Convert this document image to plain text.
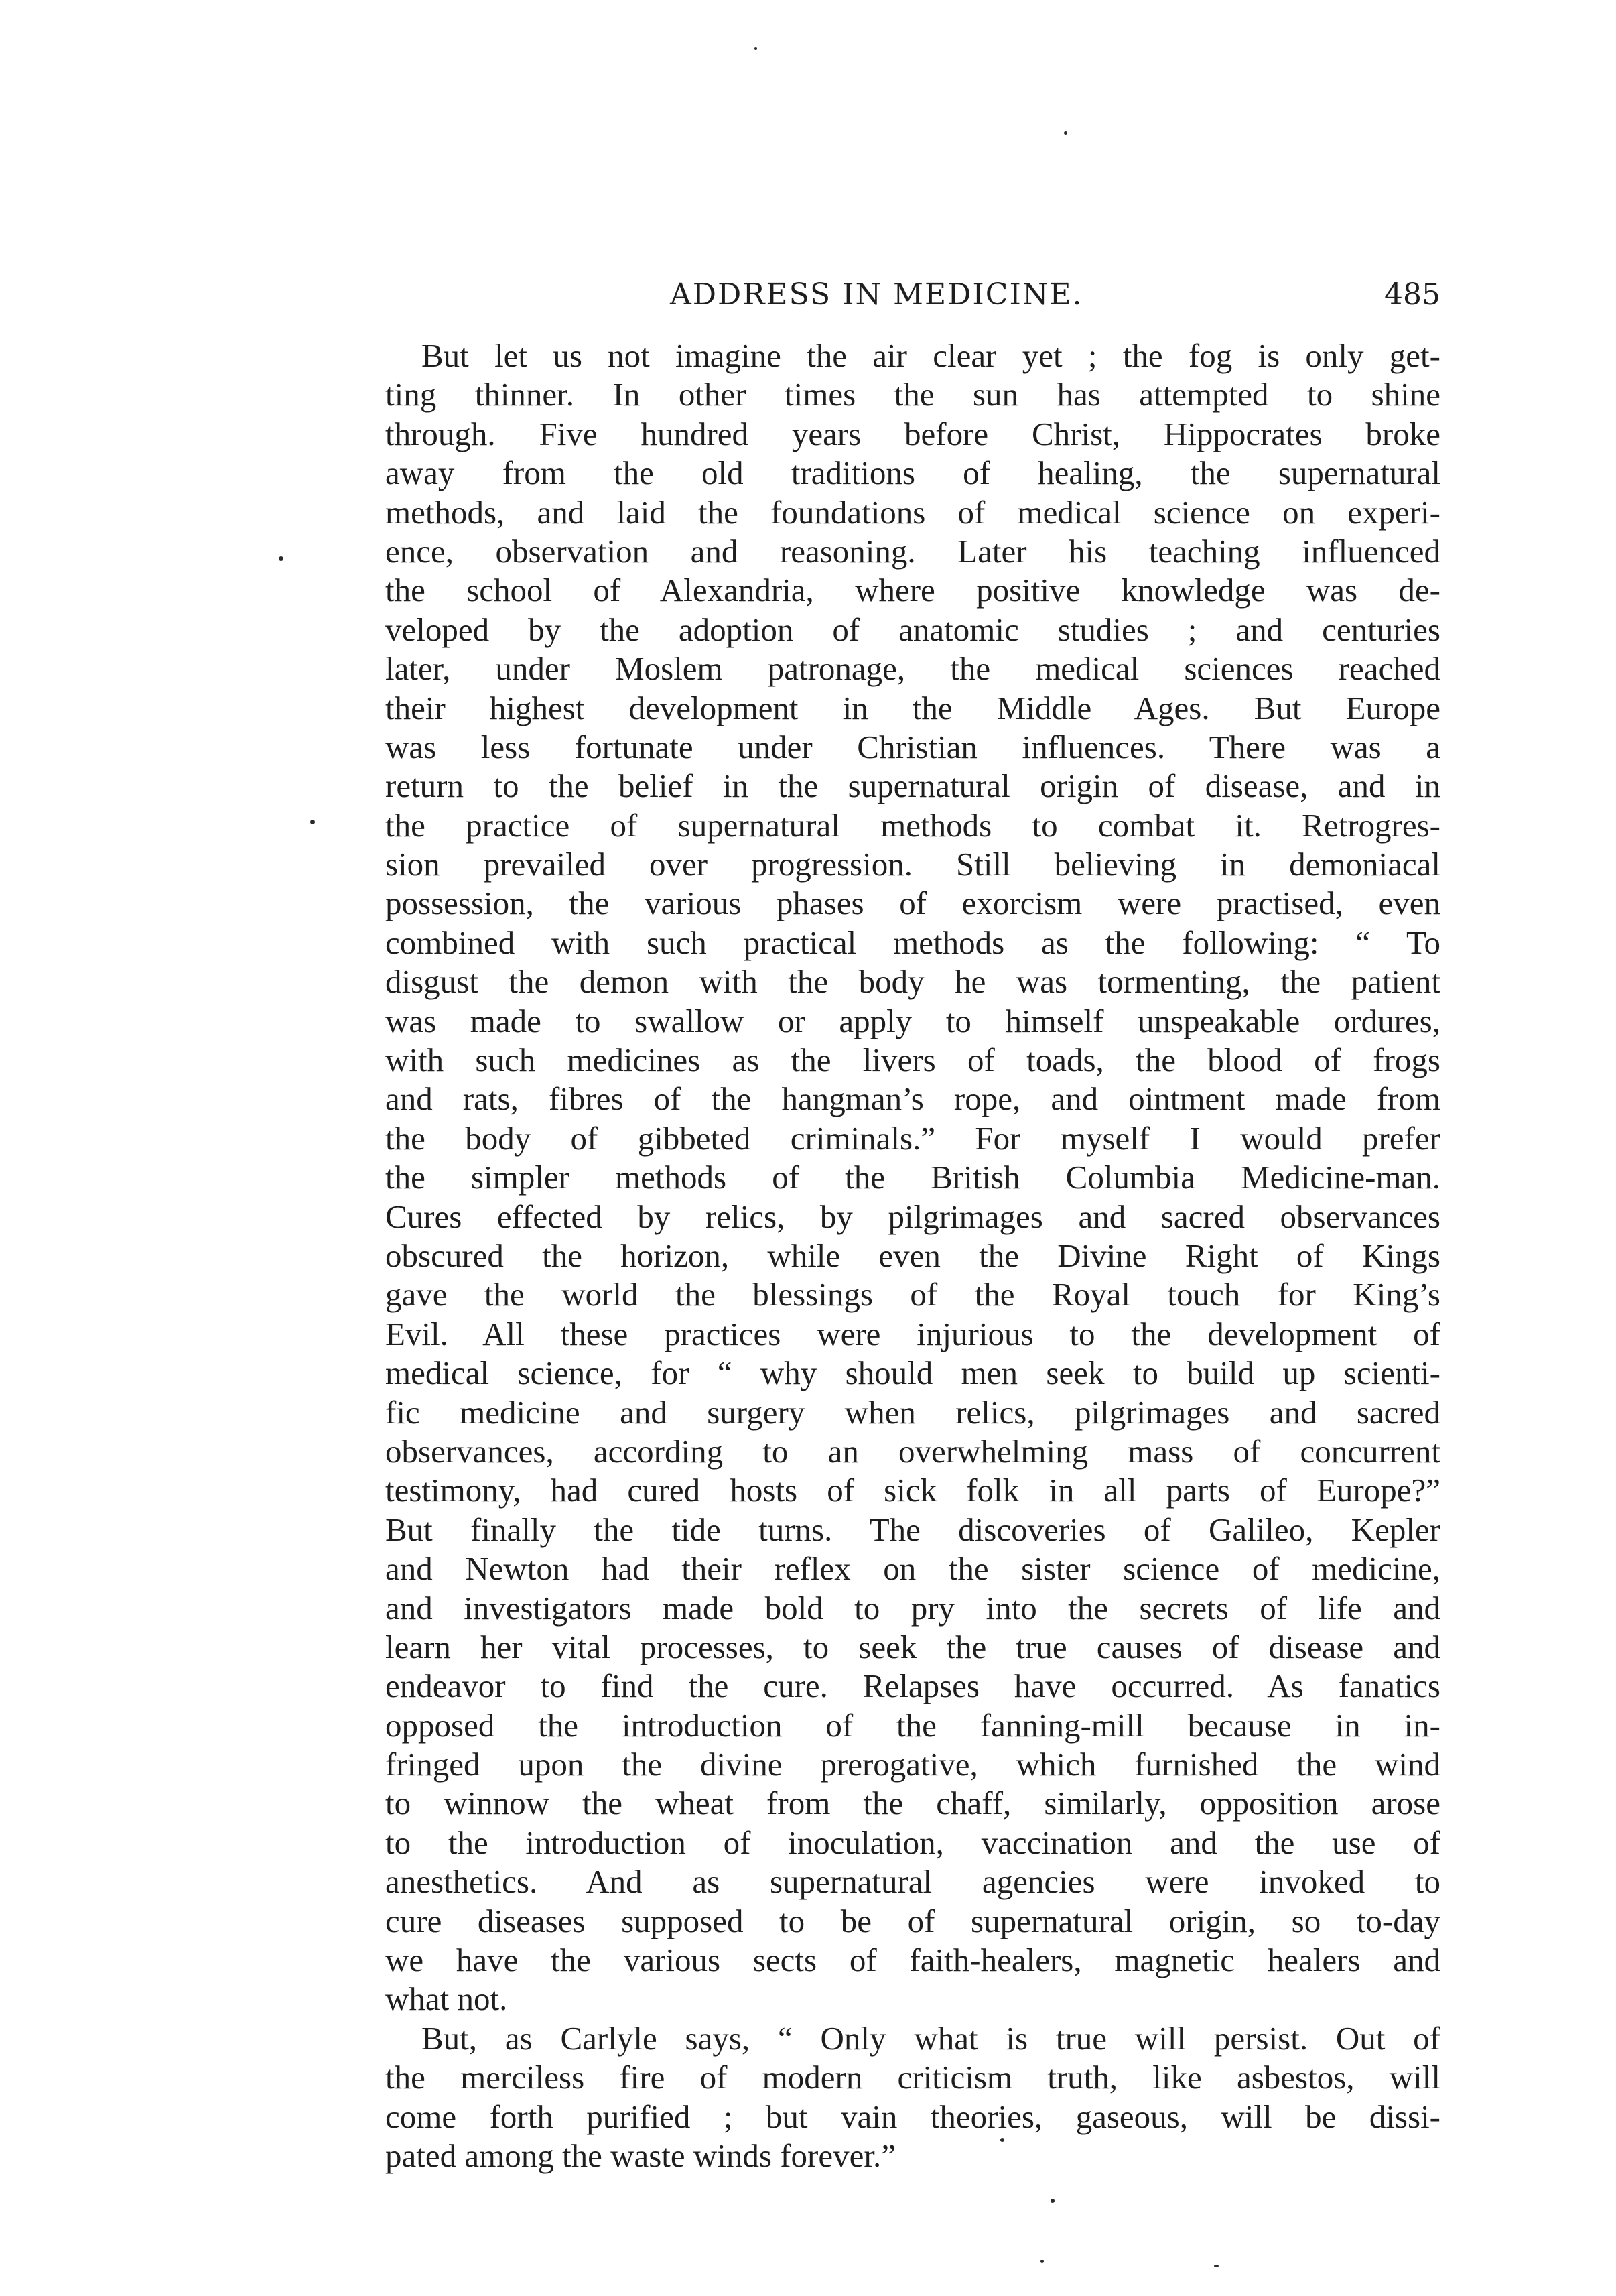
ADDRESS IN MEDICINE.	485
But let us not imagine the air clear yet ; the fog is only get-
ting thinner. In other times the sun has attempted to shine
through. Five hundred years before Christ, Hippocrates broke
away from the old traditions of healing, the supernatural
methods, and laid the foundations of medical science on experi-
ence, observation and reasoning. Later his teaching influenced
the school of Alexandria, where positive knowledge was de-
veloped by the adoption of anatomic studies ; and centuries
later, under Moslem patronage, the medical sciences reached
their highest development in the Middle Ages. But Europe
was less fortunate under Christian influences. There was a
return to the belief in the supernatural origin of disease, and in
the practice of supernatural methods to combat it. Retrogres-
sion prevailed over progression. Still believing in demoniacal
possession, the various phases of exorcism were practised, even
combined with such practical methods as the following: “ To
disgust the demon with the body he was tormenting, the patient
was made to swallow or apply to himself unspeakable ordures,
with such medicines as the livers of toads, the blood of frogs
and rats, fibres of the hangman’s rope, and ointment made from
the body of gibbeted criminals.” For myself I would prefer
the simpler methods of the British Columbia Medicine-man.
Cures effected by relics, by pilgrimages and sacred observances
obscured the horizon, while even the Divine Right of Kings
gave the world the blessings of the Royal touch for King’s
Evil. All these practices were injurious to the development of
medical science, for “ why should men seek to build up scienti-
fic medicine and surgery when relics, pilgrimages and sacred
observances, according to an overwhelming mass of concurrent
testimony, had cured hosts of sick folk in all parts of Europe?”
But finally the tide turns. The discoveries of Galileo, Kepler
and Newton had their reflex on the sister science of medicine,
and investigators made bold to pry into the secrets of life and
learn her vital processes, to seek the true causes of disease and
endeavor to find the cure. Relapses have occurred. As fanatics
opposed the introduction of the fanning-mill because in in-
fringed upon the divine prerogative, which furnished the wind
to winnow the wheat from the chaff, similarly, opposition arose
to the introduction of inoculation, vaccination and the use of
anesthetics. And as supernatural agencies were invoked to
cure diseases supposed to be of supernatural origin, so to-day
we have the various sects of faith-healers, magnetic healers and
what not.
But, as Carlyle says, “ Only what is true will persist. Out of
the merciless fire of modern criticism truth, like asbestos, will
come forth purified ; but vain theories, gaseous, will be dissi-
pated among the waste winds forever.”
